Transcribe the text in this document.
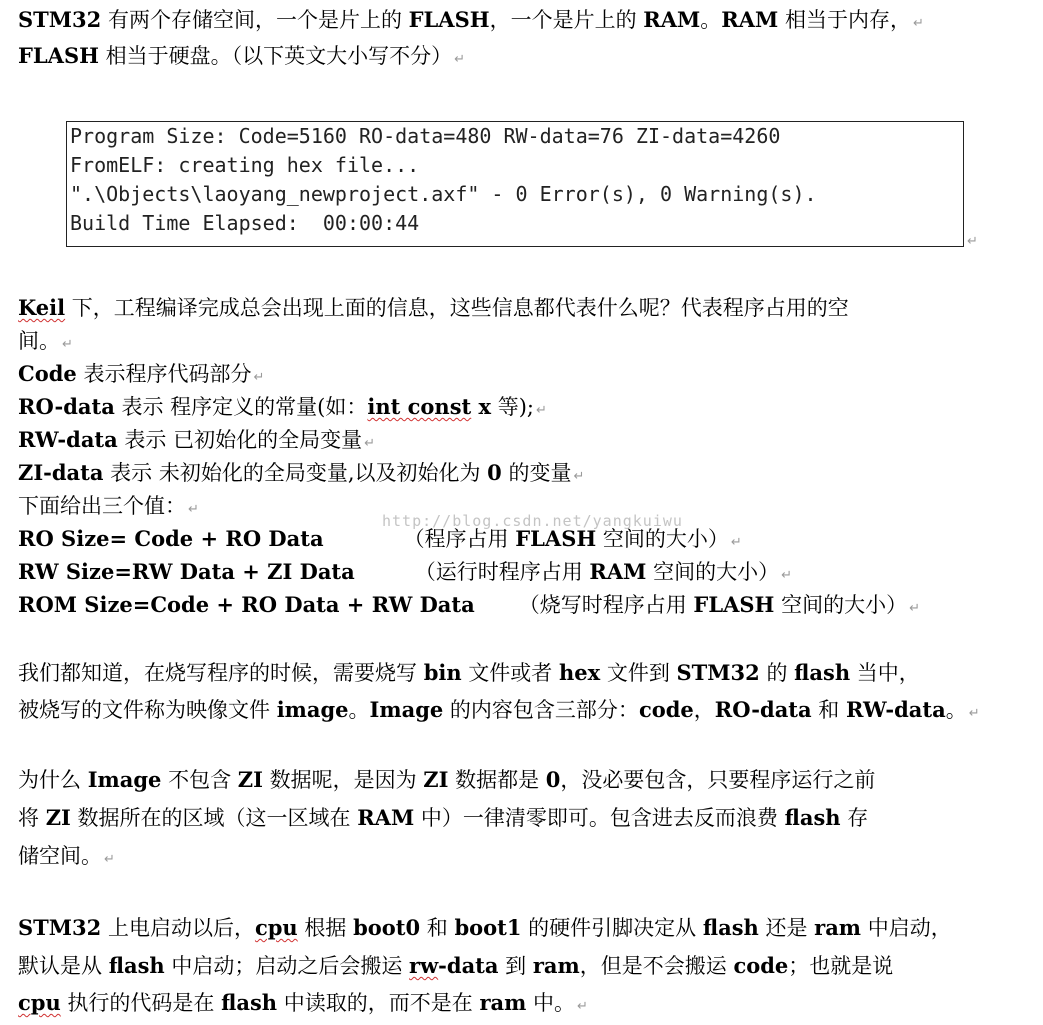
STM32 有两个存储空间，一个是片上的 FLASH，一个是片上的 RAM。RAM 相当于内存， ↵
FLASH 相当于硬盘。（以下英文大小写不分） ↵
Program Size: Code=5160 RO-data=480 RW-data=76 ZI-data=4260
FromELF: creating hex file...
".\Objects\laoyang_newproject.axf" - 0 Error(s), 0 Warning(s).
Build Time Elapsed:  00:00:44
↵
Keil 下，工程编译完成总会出现上面的信息，这些信息都代表什么呢？代表程序占用的空
间。 ↵
Code 表示程序代码部分 ↵
RO-data 表示 程序定义的常量(如：int const x 等); ↵
RW-data 表示 已初始化的全局变量 ↵
ZI-data 表示 未初始化的全局变量,以及初始化为 0 的变量 ↵
下面给出三个值： ↵
RO Size= Code + RO Data	（程序占用 FLASH 空间的大小） ↵
RW Size=RW Data + ZI Data	（运行时程序占用 RAM 空间的大小） ↵
ROM Size=Code + RO Data + RW Data （烧写时程序占用 FLASH 空间的大小） ↵
我们都知道，在烧写程序的时候，需要烧写 bin 文件或者 hex 文件到 STM32 的 flash 当中，
被烧写的文件称为映像文件 image。Image 的内容包含三部分：code，RO-data 和 RW-data。 ↵
为什么 Image 不包含 ZI 数据呢，是因为 ZI 数据都是 0，没必要包含，只要程序运行之前
将 ZI 数据所在的区域（这一区域在 RAM 中）一律清零即可。包含进去反而浪费 flash 存
储空间。 ↵
STM32 上电启动以后，cpu 根据 boot0 和 boot1 的硬件引脚决定从 flash 还是 ram 中启动，
默认是从 flash 中启动；启动之后会搬运 rw-data 到 ram，但是不会搬运 code；也就是说
cpu 执行的代码是在 flash 中读取的，而不是在 ram 中。 ↵
http://blog.csdn.net/yangkuiwu
